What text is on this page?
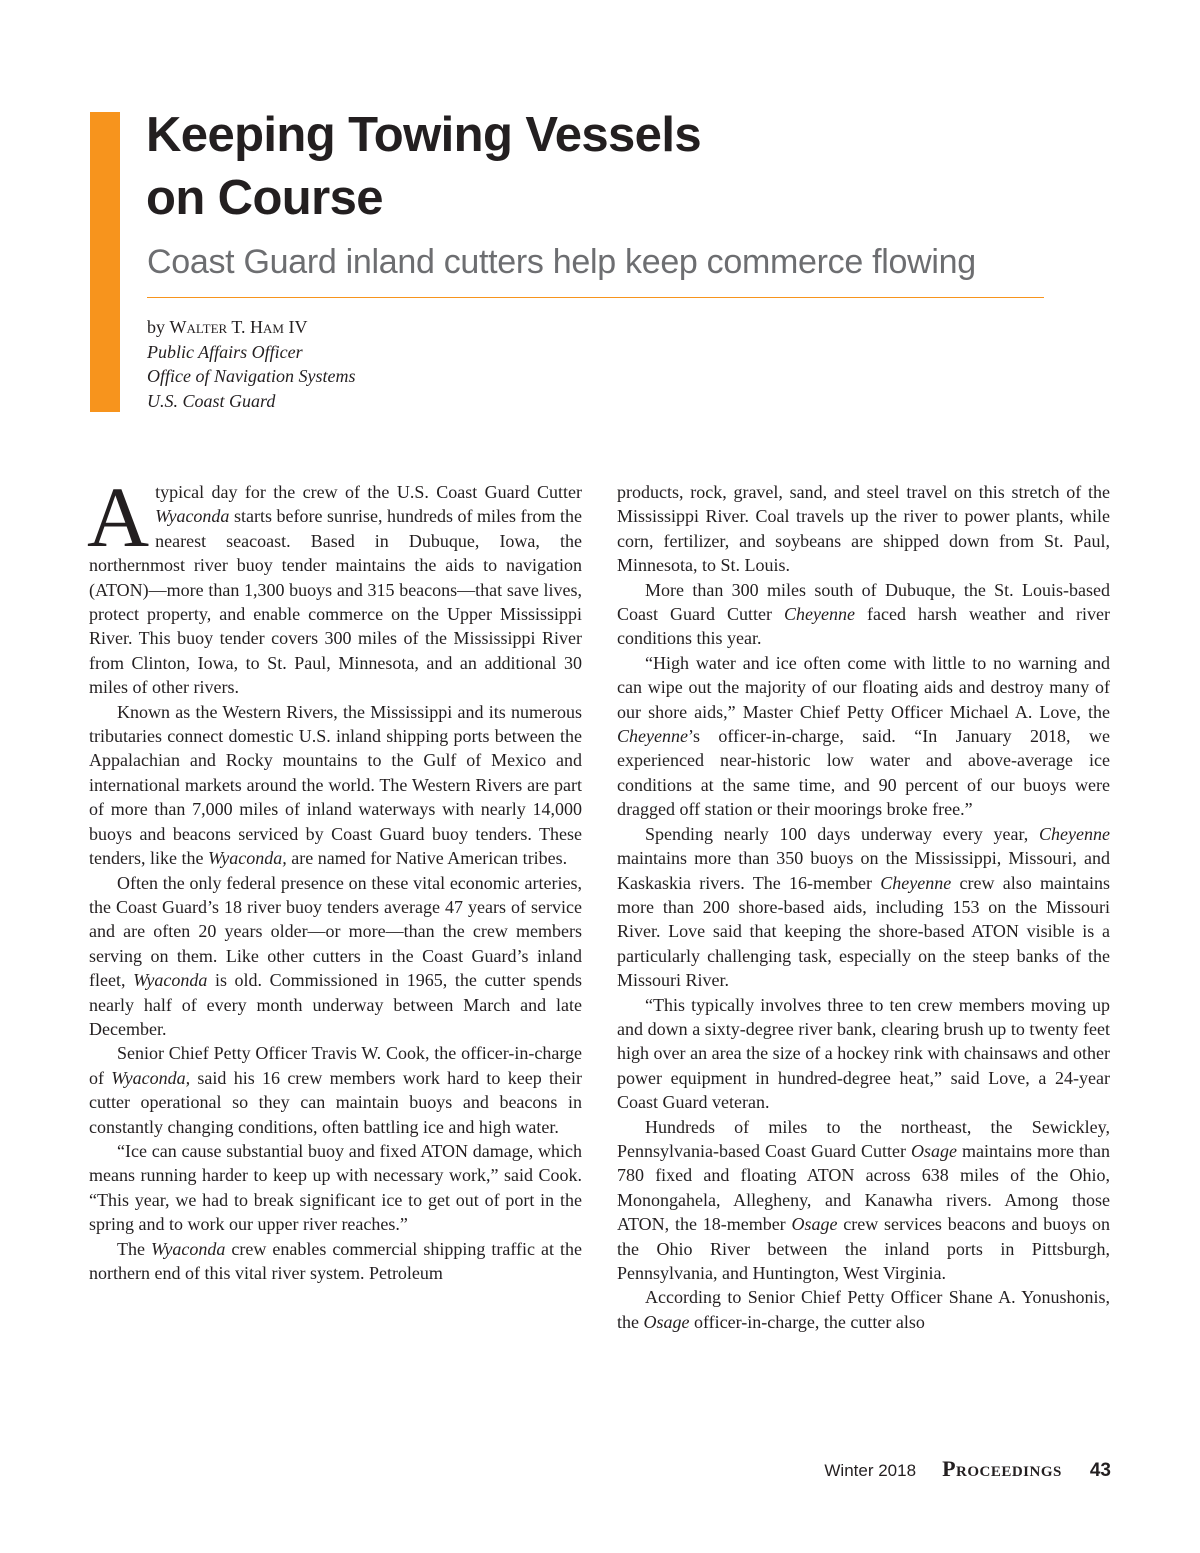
Keeping Towing Vessels
on Course
Coast Guard inland cutters help keep commerce flowing
by Walter T. Ham IV
Public Affairs Officer
Office of Navigation Systems
U.S. Coast Guard

A typical day for the crew of the U.S. Coast Guard Cutter Wyaconda starts before sunrise, hundreds of miles from the nearest seacoast. Based in Dubuque, Iowa, the northernmost river buoy tender maintains the aids to navigation (ATON)—more than 1,300 buoys and 315 beacons—that save lives, protect property, and enable commerce on the Upper Mississippi River. This buoy tender covers 300 miles of the Mississippi River from Clinton, Iowa, to St. Paul, Minnesota, and an additional 30 miles of other rivers.

Known as the Western Rivers, the Mississippi and its numerous tributaries connect domestic U.S. inland shipping ports between the Appalachian and Rocky mountains to the Gulf of Mexico and international markets around the world. The Western Rivers are part of more than 7,000 miles of inland waterways with nearly 14,000 buoys and beacons serviced by Coast Guard buoy tenders. These tenders, like the Wyaconda, are named for Native American tribes.

Often the only federal presence on these vital economic arteries, the Coast Guard’s 18 river buoy tenders average 47 years of service and are often 20 years older—or more—than the crew members serving on them. Like other cutters in the Coast Guard’s inland fleet, Wyaconda is old. Commissioned in 1965, the cutter spends nearly half of every month underway between March and late December.

Senior Chief Petty Officer Travis W. Cook, the officer-in-charge of Wyaconda, said his 16 crew members work hard to keep their cutter operational so they can maintain buoys and beacons in constantly changing conditions, often battling ice and high water.

“Ice can cause substantial buoy and fixed ATON damage, which means running harder to keep up with necessary work,” said Cook. “This year, we had to break significant ice to get out of port in the spring and to work our upper river reaches.”

The Wyaconda crew enables commercial shipping traffic at the northern end of this vital river system. Petroleum

products, rock, gravel, sand, and steel travel on this stretch of the Mississippi River. Coal travels up the river to power plants, while corn, fertilizer, and soybeans are shipped down from St. Paul, Minnesota, to St. Louis.

More than 300 miles south of Dubuque, the St. Louis-based Coast Guard Cutter Cheyenne faced harsh weather and river conditions this year.

“High water and ice often come with little to no warning and can wipe out the majority of our floating aids and destroy many of our shore aids,” Master Chief Petty Officer Michael A. Love, the Cheyenne’s officer-in-charge, said. “In January 2018, we experienced near-historic low water and above-average ice conditions at the same time, and 90 percent of our buoys were dragged off station or their moorings broke free.”

Spending nearly 100 days underway every year, Cheyenne maintains more than 350 buoys on the Mississippi, Missouri, and Kaskaskia rivers. The 16-member Cheyenne crew also maintains more than 200 shore-based aids, including 153 on the Missouri River. Love said that keeping the shore-based ATON visible is a particularly challenging task, especially on the steep banks of the Missouri River.

“This typically involves three to ten crew members moving up and down a sixty-degree river bank, clearing brush up to twenty feet high over an area the size of a hockey rink with chainsaws and other power equipment in hundred-degree heat,” said Love, a 24-year Coast Guard veteran.

Hundreds of miles to the northeast, the Sewickley, Pennsylvania-based Coast Guard Cutter Osage maintains more than 780 fixed and floating ATON across 638 miles of the Ohio, Monongahela, Allegheny, and Kanawha rivers. Among those ATON, the 18-member Osage crew services beacons and buoys on the Ohio River between the inland ports in Pittsburgh, Pennsylvania, and Huntington, West Virginia.

According to Senior Chief Petty Officer Shane A. Yonushonis, the Osage officer-in-charge, the cutter also

Winter 2018 Proceedings 43
